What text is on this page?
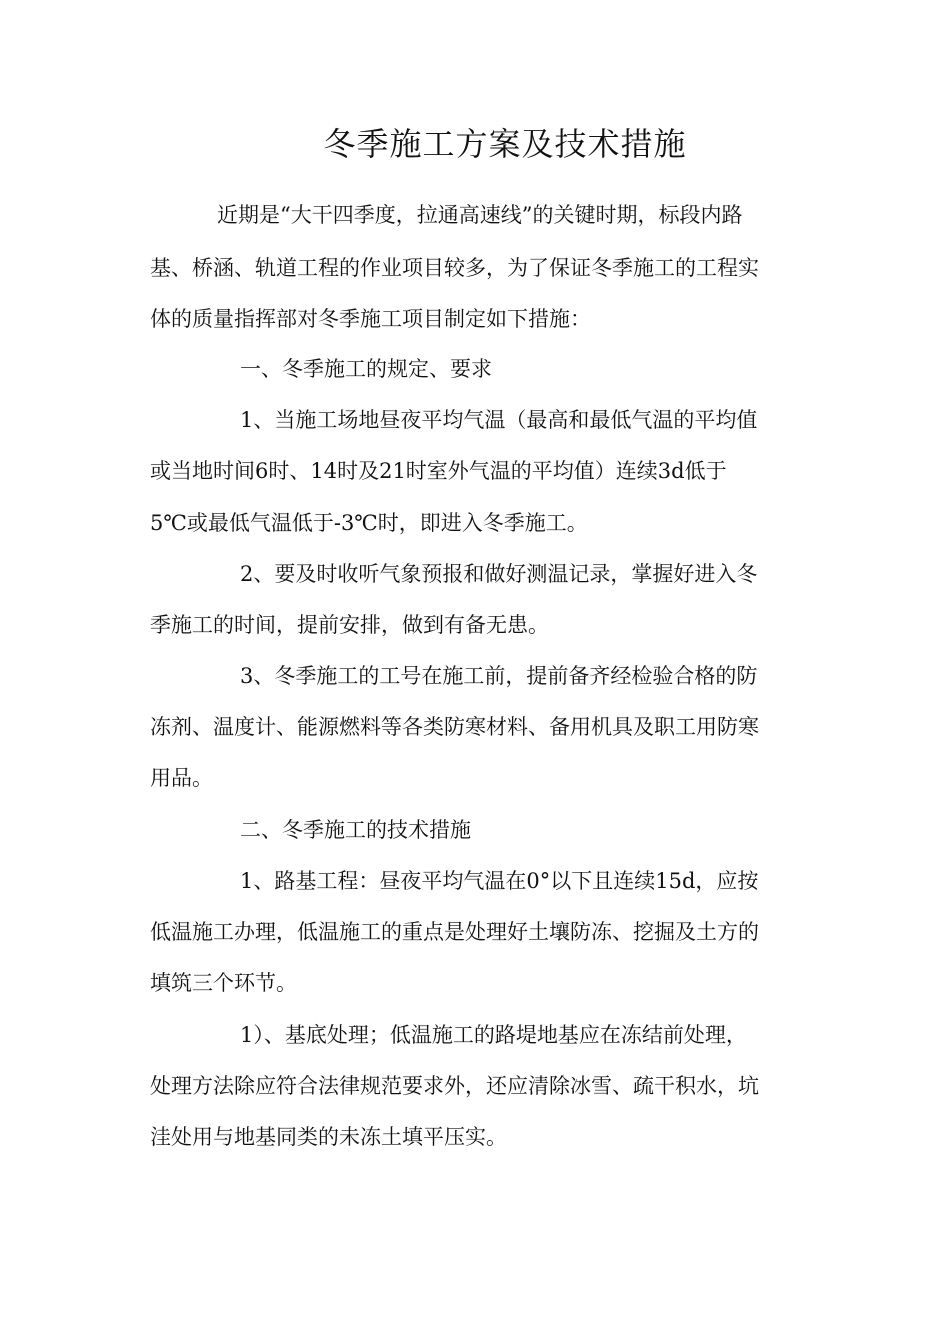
冬季施工方案及技术措施
近期是“大干四季度，拉通高速线”的关键时期，标段内路
基、桥涵、轨道工程的作业项目较多，为了保证冬季施工的工程实
体的质量指挥部对冬季施工项目制定如下措施：
一、冬季施工的规定、要求
1、当施工场地昼夜平均气温（最高和最低气温的平均值
或当地时间6时、14时及21时室外气温的平均值）连续3d低于
5℃或最低气温低于-3℃时，即进入冬季施工。
2、要及时收听气象预报和做好测温记录，掌握好进入冬
季施工的时间，提前安排，做到有备无患。
3、冬季施工的工号在施工前，提前备齐经检验合格的防
冻剂、温度计、能源燃料等各类防寒材料、备用机具及职工用防寒
用品。
二、冬季施工的技术措施
1、路基工程：昼夜平均气温在0°以下且连续15d，应按
低温施工办理，低温施工的重点是处理好土壤防冻、挖掘及土方的
填筑三个环节。
1）、基底处理；低温施工的路堤地基应在冻结前处理，
处理方法除应符合法律规范要求外，还应清除冰雪、疏干积水，坑
洼处用与地基同类的未冻土填平压实。
